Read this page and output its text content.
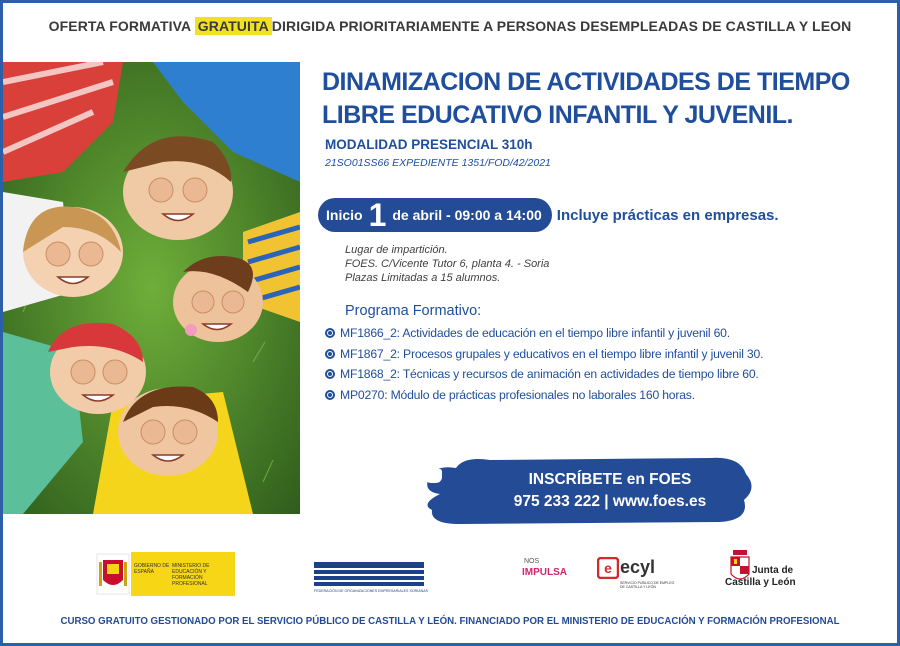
OFERTA FORMATIVA GRATUITA DIRIGIDA PRIORITARIAMENTE A PERSONAS DESEMPLEADAS DE CASTILLA Y LEON
DINAMIZACION DE ACTIVIDADES DE TIEMPO
LIBRE EDUCATIVO INFANTIL Y JUVENIL.
MODALIDAD PRESENCIAL 310h
21SO01SS66 EXPEDIENTE 1351/FOD/42/2021
Inicio 1 de abril - 09:00 a 14:00 Incluye prácticas en empresas.
Lugar de impartición.
FOES. C/Vicente Tutor 6, planta 4. - Soria
Plazas Limitadas a 15 alumnos.
Programa Formativo:
MF1866_2: Actividades de educación en el tiempo libre infantil y juvenil 60.
MF1867_2: Procesos grupales y educativos en el tiempo libre infantil y juvenil 30.
MF1868_2: Técnicas y recursos de animación en actividades de tiempo libre 60.
MP0270: Módulo de prácticas profesionales no laborales 160 horas.
INSCRÍBETE en FOES
975 233 222 | www.foes.es
GOBIERNO DE ESPAÑA
MINISTERIO DE EDUCACIÓN Y FORMACIÓN PROFESIONAL
FEDERACIÓN DE ORGANIZACIONES EMPRESARIALES SORIANAS
NOS
IMPULSA	e ecyl
SERVICIO PÚBLICO DE EMPLEO DE CASTILLA Y LEÓN
Junta de
Castilla y León
CURSO GRATUITO GESTIONADO POR EL SERVICIO PÚBLICO DE CASTILLA Y LEÓN. FINANCIADO POR EL MINISTERIO DE EDUCACIÓN Y FORMACIÓN PROFESIONAL
